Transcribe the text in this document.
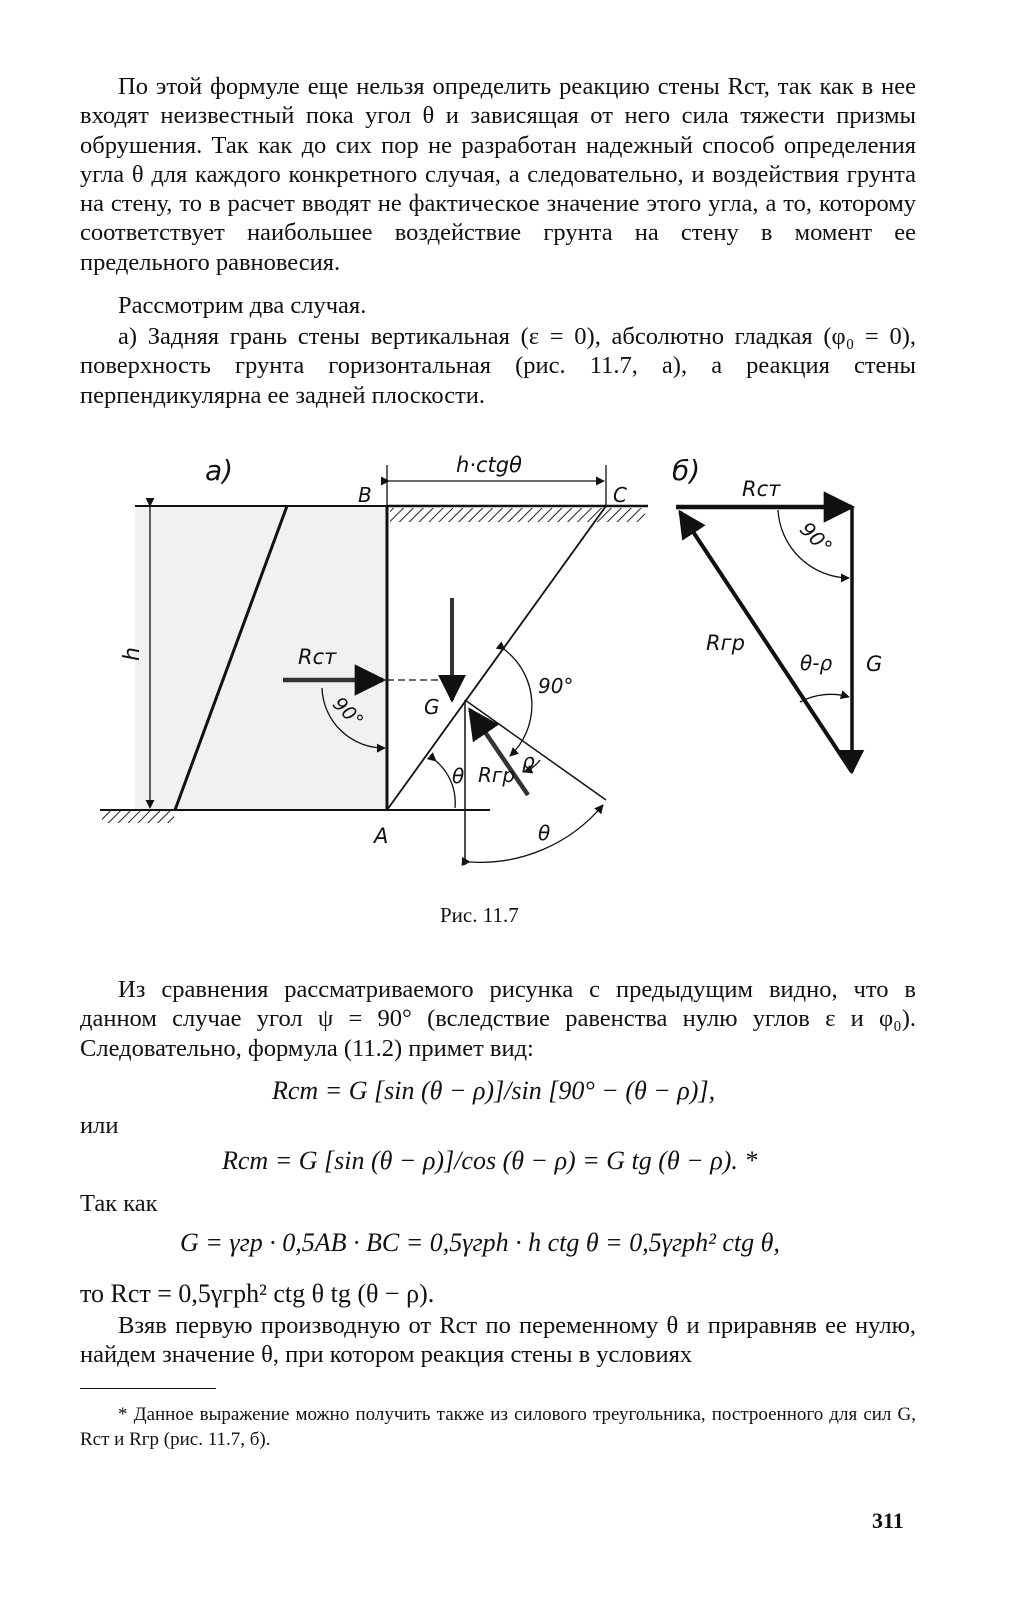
По этой формуле еще нельзя определить реакцию стены Rст, так как в нее входят неизвестный пока угол θ и зависящая от него сила тяжести призмы обрушения. Так как до сих пор не разработан надежный способ определения угла θ для каждого конкретного случая, а следовательно, и воздействия грунта на стену, то в расчет вводят не фактическое значение этого угла, а то, которому соответствует наибольшее воздействие грунта на стену в момент ее предельного равновесия.

Рассмотрим два случая.

а) Задняя грань стены вертикальная (ε = 0), абсолютно гладкая (φ₀ = 0), поверхность грунта горизонтальная (рис. 11.7, а), а реакция стены перпендикулярна ее задней плоскости.

h
h·ctgθ
а)
B	C
A
Rст
G
Rгр
90°
90°
θ
θ
ρ
б)
Rст
90°
Rгр
θ-ρ G
Рис. 11.7

Из сравнения рассматриваемого рисунка с предыдущим видно, что в данном случае угол ψ = 90° (вследствие равенства нулю углов ε и φ₀). Следовательно, формула (11.2) примет вид:

Rст = G [sin (θ − ρ)]/sin [90° − (θ − ρ)],
или
Rст = G [sin (θ − ρ)]/cos (θ − ρ) = G tg (θ − ρ). *
Так как
G = γгр · 0,5AB · BC = 0,5γгрh · h ctg θ = 0,5γгрh² ctg θ,
то Rст = 0,5γгрh² ctg θ tg (θ − ρ).

Взяв первую производную от Rст по переменному θ и приравняв ее нулю, найдем значение θ, при котором реакция стены в условиях

* Данное выражение можно получить также из силового треугольника, построенного для сил G, Rст и Rгр (рис. 11.7, б).

311
